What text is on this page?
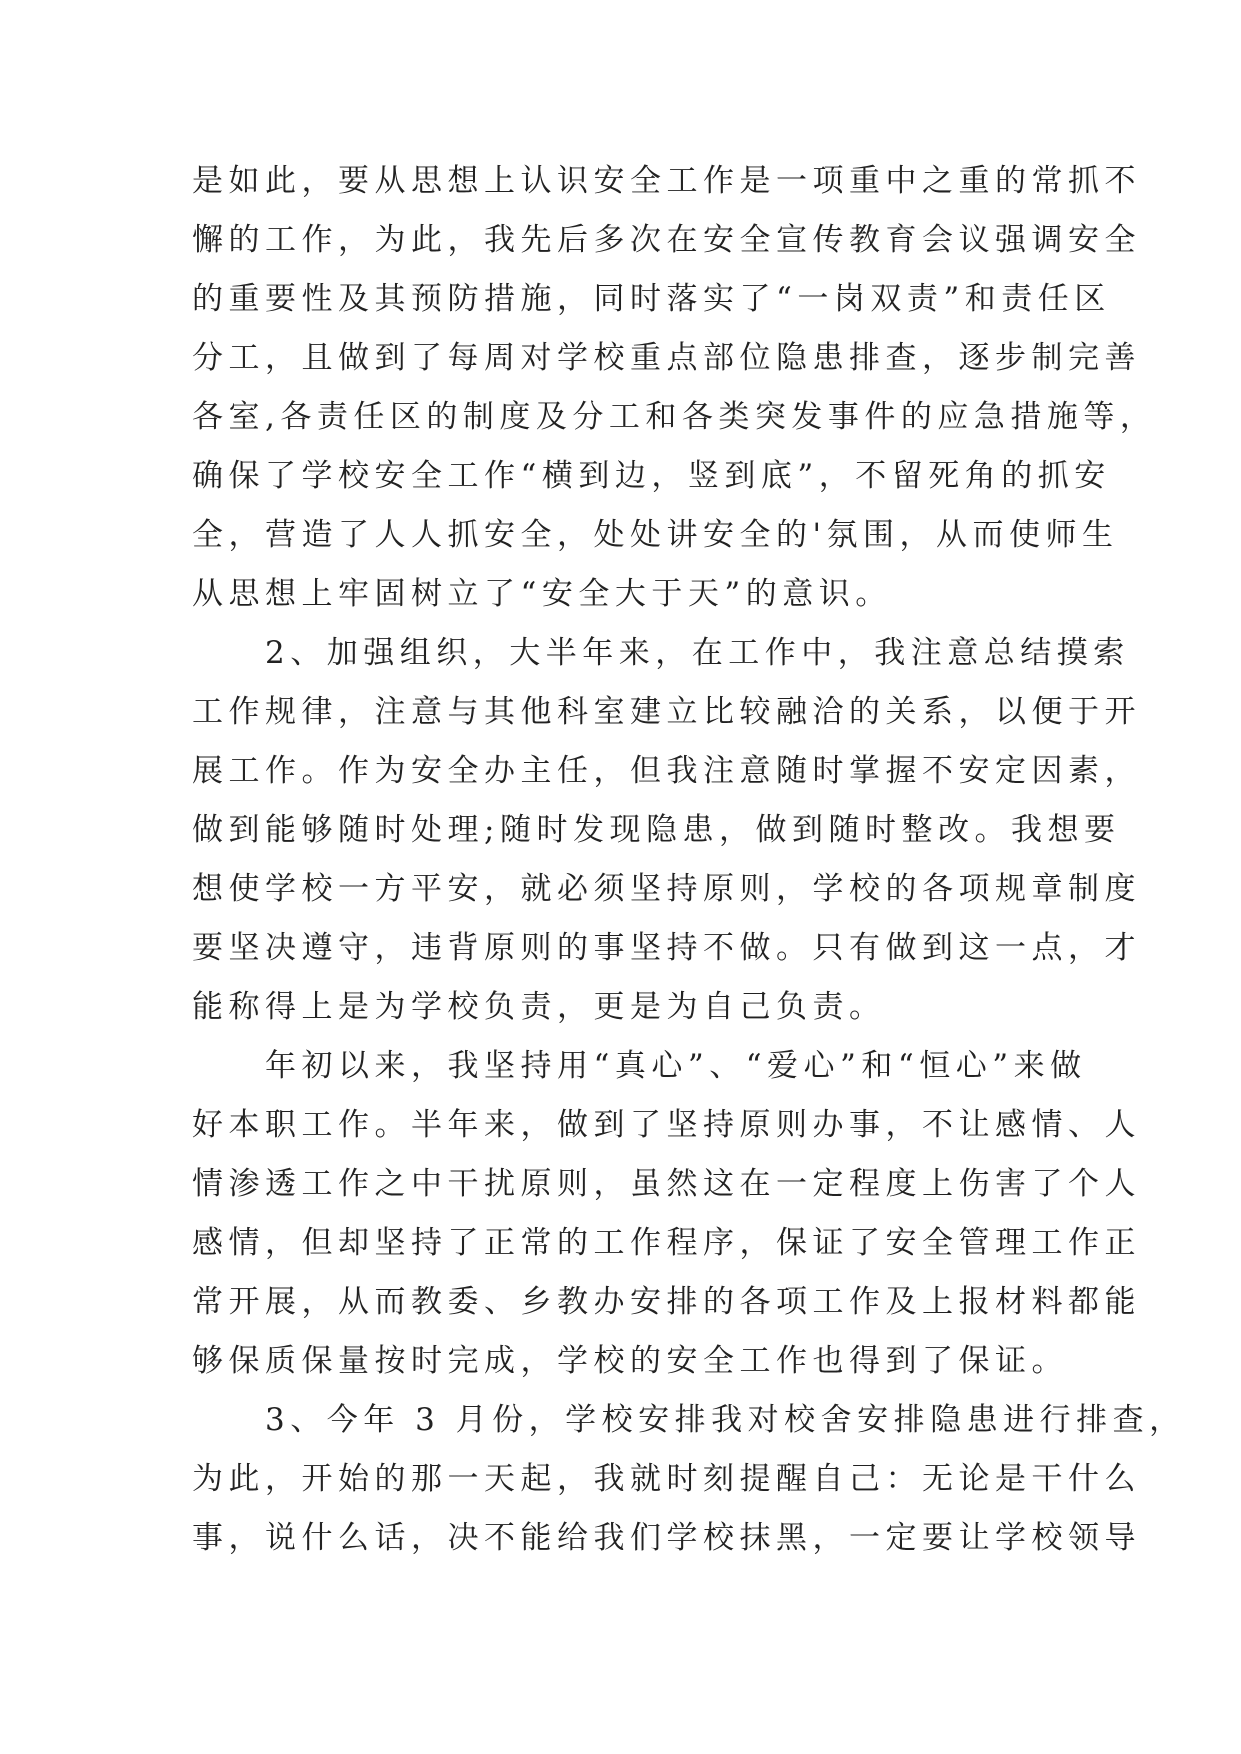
是如此，要从思想上认识安全工作是一项重中之重的常抓不
懈的工作，为此，我先后多次在安全宣传教育会议强调安全
的重要性及其预防措施，同时落实了“一岗双责”和责任区
分工，且做到了每周对学校重点部位隐患排查，逐步制完善
各室,各责任区的制度及分工和各类突发事件的应急措施等，
确保了学校安全工作“横到边，竖到底”，不留死角的抓安
全，营造了人人抓安全，处处讲安全的'氛围，从而使师生
从思想上牢固树立了“安全大于天”的意识。
　　2、加强组织，大半年来，在工作中，我注意总结摸索
工作规律，注意与其他科室建立比较融洽的关系，以便于开
展工作。作为安全办主任，但我注意随时掌握不安定因素，
做到能够随时处理;随时发现隐患，做到随时整改。我想要
想使学校一方平安，就必须坚持原则，学校的各项规章制度
要坚决遵守，违背原则的事坚持不做。只有做到这一点，才
能称得上是为学校负责，更是为自己负责。
　　年初以来，我坚持用“真心”、“爱心”和“恒心”来做
好本职工作。半年来，做到了坚持原则办事，不让感情、人
情渗透工作之中干扰原则，虽然这在一定程度上伤害了个人
感情，但却坚持了正常的工作程序，保证了安全管理工作正
常开展，从而教委、乡教办安排的各项工作及上报材料都能
够保质保量按时完成，学校的安全工作也得到了保证。
　　3、今年 3 月份，学校安排我对校舍安排隐患进行排查，
为此，开始的那一天起，我就时刻提醒自己：无论是干什么
事，说什么话，决不能给我们学校抹黑，一定要让学校领导
